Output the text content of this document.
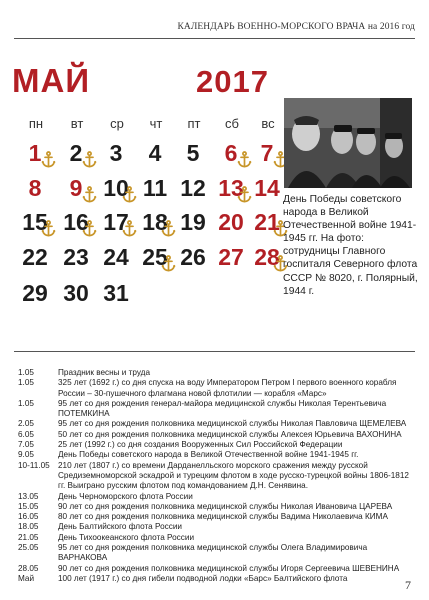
КАЛЕНДАРЬ ВОЕННО-МОРСКОГО ВРАЧА на 2016 год
МАЙ	2017
пн	вт	ср	чт	пт	сб	вс
1	2	3	4	5	6	7
8	9 10 11 12 13 14
15 16 17 18 19 20 21
22 23 24 25 26 27 28
29 30 31
День Победы советского народа в Великой Отечественной войне 1941-1945 гг. На фото: сотрудницы Главного госпиталя Северного флота СССР № 8020, г. Полярный, 1944 г.
1.05	Праздник весны и труда
1.05	325 лет (1692 г.) со дня спуска на воду Императором Петром I первого военного корабля России – 30-пушечного флагмана новой флотилии — корабля «Марс»
1.05	95 лет со дня рождения генерал-майора медицинской службы Николая Терентьевича ПОТЕМКИНА
2.05	95 лет со дня рождения полковника медицинской службы Николая Павловича ЩЕМЕЛЕВА
6.05	50 лет со дня рождения полковника медицинской службы Алексея Юрьевича ВАХОНИНА
7.05	25 лет (1992 г.) со дня создания Вооруженных Сил Российской Федерации
9.05	День Победы советского народа в Великой Отечественной войне 1941-1945 гг.
10-11.05	210 лет (1807 г.) со времени Дарданелльского морского сражения между русской Средиземноморской эскадрой и турецким флотом в ходе русско-турецкой войны 1806-1812 гг. Выиграно русским флотом под командованием Д.Н. Сенявина.
13.05	День Черноморского флота России
15.05	90 лет со дня рождения полковника медицинской службы Николая Ивановича ЦАРЕВА
16.05	80 лет со дня рождения полковника медицинской службы Вадима Николаевича КИМА
18.05	День Балтийского флота России
21.05	День Тихоокеанского флота России
25.05	95 лет со дня рождения полковника медицинской службы Олега Владимировича ВАРНАКОВА
28.05	90 лет со дня рождения полковника медицинской службы Игоря Сергеевича ШЕВЕНИНА
Май	100 лет (1917 г.) со дня гибели подводной лодки «Барс» Балтийского флота	7
